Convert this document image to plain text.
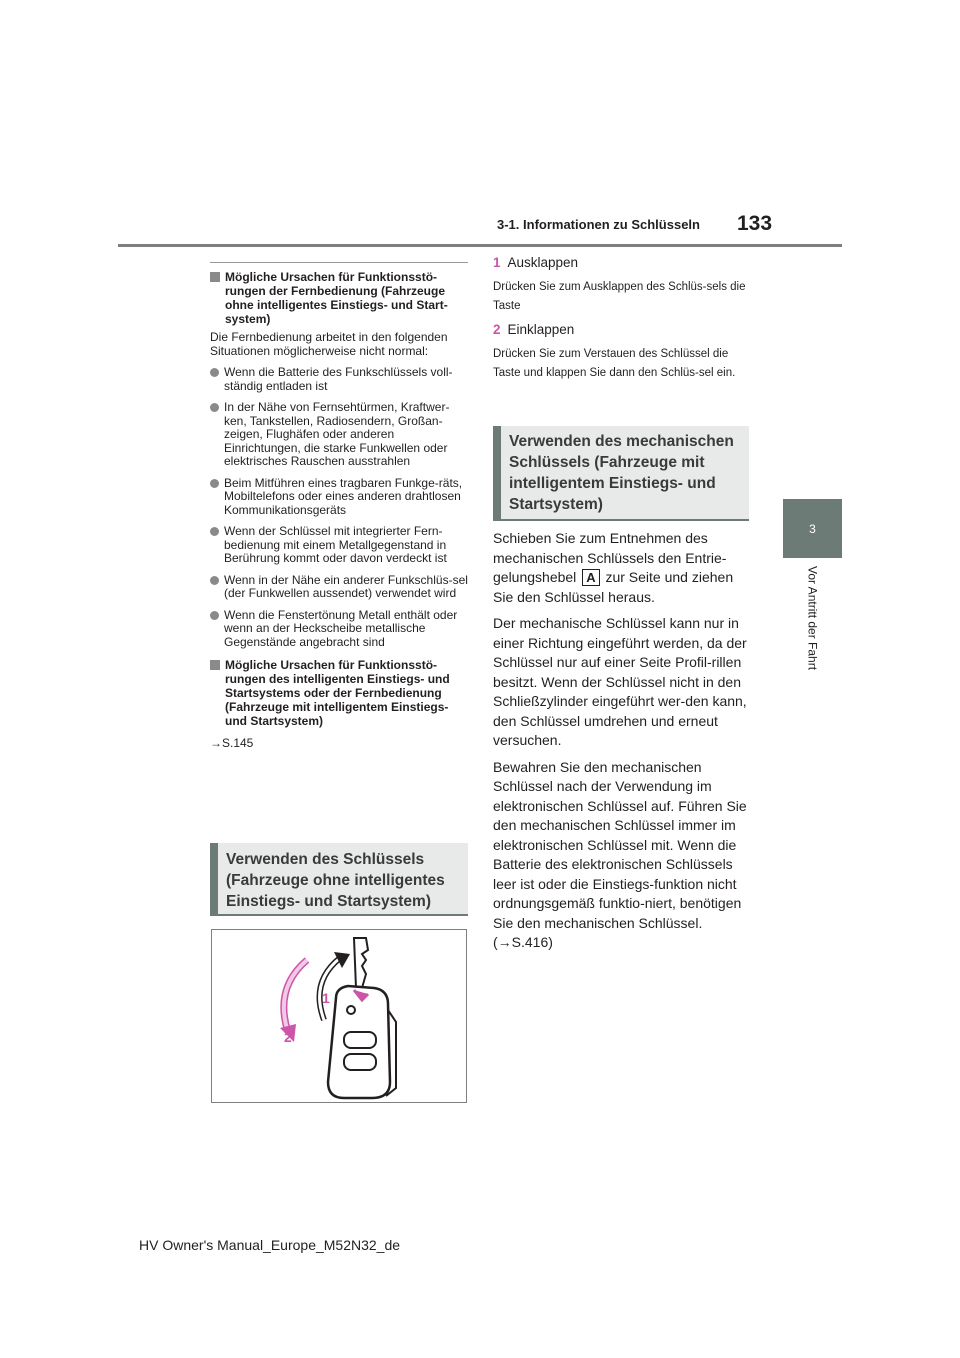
3-1. Informationen zu Schlüsseln 133
3
Vor Antritt der Fahrt
Mögliche Ursachen für Funktionsstö-rungen der Fernbedienung (Fahrzeuge ohne intelligentes Einstiegs- und Start-system)
Die Fernbedienung arbeitet in den folgenden Situationen möglicherweise nicht normal:
Wenn die Batterie des Funkschlüssels voll-ständig entladen ist
In der Nähe von Fernsehtürmen, Kraftwer-ken, Tankstellen, Radiosendern, Großan-zeigen, Flughäfen oder anderen Einrichtungen, die starke Funkwellen oder elektrisches Rauschen ausstrahlen
Beim Mitführen eines tragbaren Funkge-räts, Mobiltelefons oder eines anderen drahtlosen Kommunikationsgeräts
Wenn der Schlüssel mit integrierter Fern-bedienung mit einem Metallgegenstand in Berührung kommt oder davon verdeckt ist
Wenn in der Nähe ein anderer Funkschlüs-sel (der Funkwellen aussendet) verwendet wird
Wenn die Fenstertönung Metall enthält oder wenn an der Heckscheibe metallische Gegenstände angebracht sind
Mögliche Ursachen für Funktionsstö-rungen des intelligenten Einstiegs- und Startsystems oder der Fernbedienung (Fahrzeuge mit intelligentem Einstiegs- und Startsystem)
→S.145
Verwenden des Schlüssels (Fahrzeuge ohne intelligentes Einstiegs- und Startsystem)
1
2
1 Ausklappen
Drücken Sie zum Ausklappen des Schlüs-sels die Taste
2 Einklappen
Drücken Sie zum Verstauen des Schlüssel die Taste und klappen Sie dann den Schlüs-sel ein.
Verwenden des mechanischen Schlüssels (Fahrzeuge mit intelligentem Einstiegs- und Startsystem)

Schieben Sie zum Entnehmen des mechanischen Schlüssels den Entrie-gelungshebel A zur Seite und ziehen Sie den Schlüssel heraus.

Der mechanische Schlüssel kann nur in einer Richtung eingeführt werden, da der Schlüssel nur auf einer Seite Profil-rillen besitzt. Wenn der Schlüssel nicht in den Schließzylinder eingeführt wer-den kann, den Schlüssel umdrehen und erneut versuchen.

Bewahren Sie den mechanischen Schlüssel nach der Verwendung im elektronischen Schlüssel auf. Führen Sie den mechanischen Schlüssel immer im elektronischen Schlüssel mit. Wenn die Batterie des elektronischen Schlüssels leer ist oder die Einstiegs-funktion nicht ordnungsgemäß funktio-niert, benötigen Sie den mechanischen Schlüssel. (→S.416)

HV Owner's Manual_Europe_M52N32_de
